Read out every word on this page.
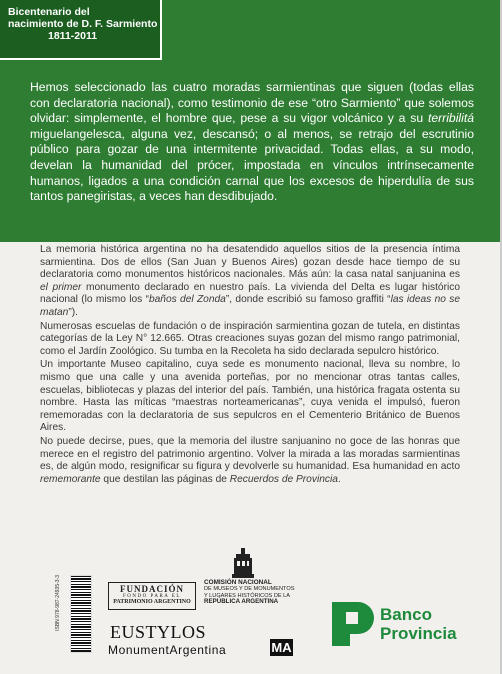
Bicentenario del
nacimiento de D. F. Sarmiento
1811-2011
Hemos seleccionado las cuatro moradas sarmientinas que siguen (todas ellas con declaratoria nacional), como testimonio de ese “otro Sarmiento” que solemos olvidar: simplemente, el hombre que, pese a su vigor volcánico y a su terribilitá miguelangelesca, alguna vez, descansó; o al menos, se retrajo del escrutinio público para gozar de una intermitente privacidad. Todas ellas, a su modo, develan la humanidad del prócer, impostada en vínculos intrínsecamente humanos, ligados a una condición carnal que los excesos de hiperdulía de sus tantos panegiristas, a veces han desdibujado.

La memoria histórica argentina no ha desatendido aquellos sitios de la presencia íntima sarmientina. Dos de ellos (San Juan y Buenos Aires) gozan desde hace tiempo de su declaratoria como monumentos históricos nacionales. Más aún: la casa natal sanjuanina es el primer monumento declarado en nuestro país. La vivienda del Delta es lugar histórico nacional (lo mismo los “baños del Zonda”, donde escribió su famoso graffiti “las ideas no se matan”).

Numerosas escuelas de fundación o de inspiración sarmientina gozan de tutela, en distintas categorías de la Ley N° 12.665. Otras creaciones suyas gozan del mismo rango patrimonial, como el Jardín Zoológico. Su tumba en la Recoleta ha sido declarada sepulcro histórico.

Un importante Museo capitalino, cuya sede es monumento nacional, lleva su nombre, lo mismo que una calle y una avenida porteñas, por no mencionar otras tantas calles, escuelas, bibliotecas y plazas del interior del país. También, una histórica fragata ostenta su nombre. Hasta las míticas “maestras norteamericanas”, cuya venida el impulsó, fueron rememoradas con la declaratoria de sus sepulcros en el Cementerio Británico de Buenos Aires.

No puede decirse, pues, que la memoria del ilustre sanjuanino no goce de las honras que merece en el registro del patrimonio argentino. Volver la mirada a las moradas sarmientinas es, de algún modo, resignificar su figura y devolverle su humanidad. Esa humanidad en acto rememorante que destilan las páginas de Recuerdos de Provincia.

ISBN 978-987-24935-3-3	FUNDACIÓN
FONDO PARA EL
PATRIMONIO ARGENTINO
COMISIÓN NACIONAL
DE MUSEOS Y DE MONUMENTOS
Y LUGARES HISTÓRICOS DE LA
REPÚBLICA ARGENTINA
EUSTYLOS
MonumentArgentina	MA
Banco
Provincia
